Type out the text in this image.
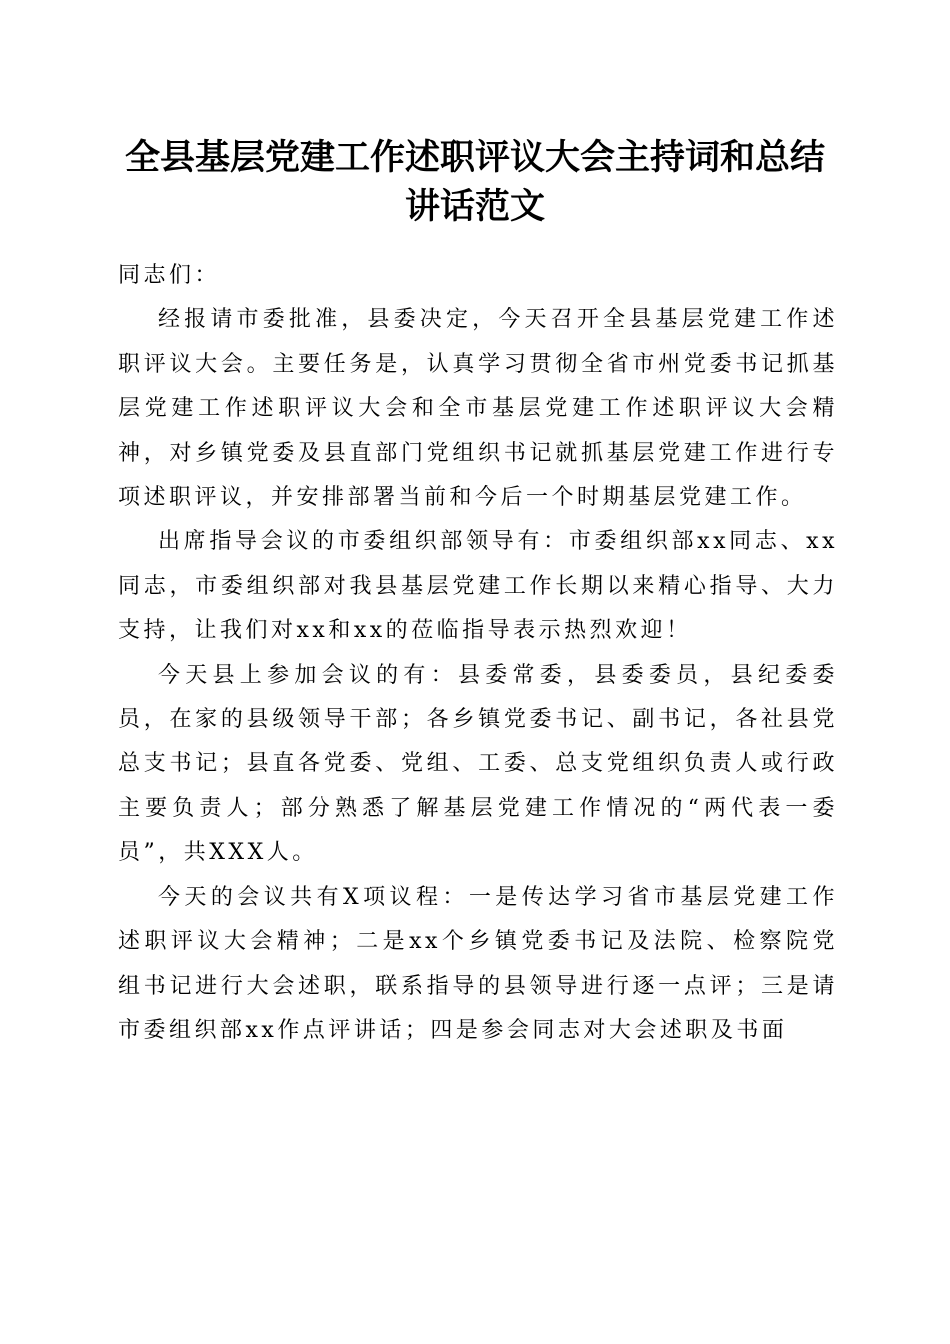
全县基层党建工作述职评议大会主持词和总结
讲话范文

同志们：

经报请市委批准，县委决定，今天召开全县基层党建工作述职评议大会。主要任务是，认真学习贯彻全省市州党委书记抓基层党建工作述职评议大会和全市基层党建工作述职评议大会精神，对乡镇党委及县直部门党组织书记就抓基层党建工作进行专项述职评议，并安排部署当前和今后一个时期基层党建工作。

出席指导会议的市委组织部领导有：市委组织部xx同志、xx同志，市委组织部对我县基层党建工作长期以来精心指导、大力支持，让我们对xx和xx的莅临指导表示热烈欢迎！

今天县上参加会议的有：县委常委，县委委员，县纪委委员，在家的县级领导干部；各乡镇党委书记、副书记，各社县党总支书记；县直各党委、党组、工委、总支党组织负责人或行政主要负责人；部分熟悉了解基层党建工作情况的“两代表一委员”，共XXX人。

今天的会议共有X项议程：一是传达学习省市基层党建工作述职评议大会精神；二是xx个乡镇党委书记及法院、检察院党组书记进行大会述职，联系指导的县领导进行逐一点评；三是请市委组织部xx作点评讲话；四是参会同志对大会述职及书面
